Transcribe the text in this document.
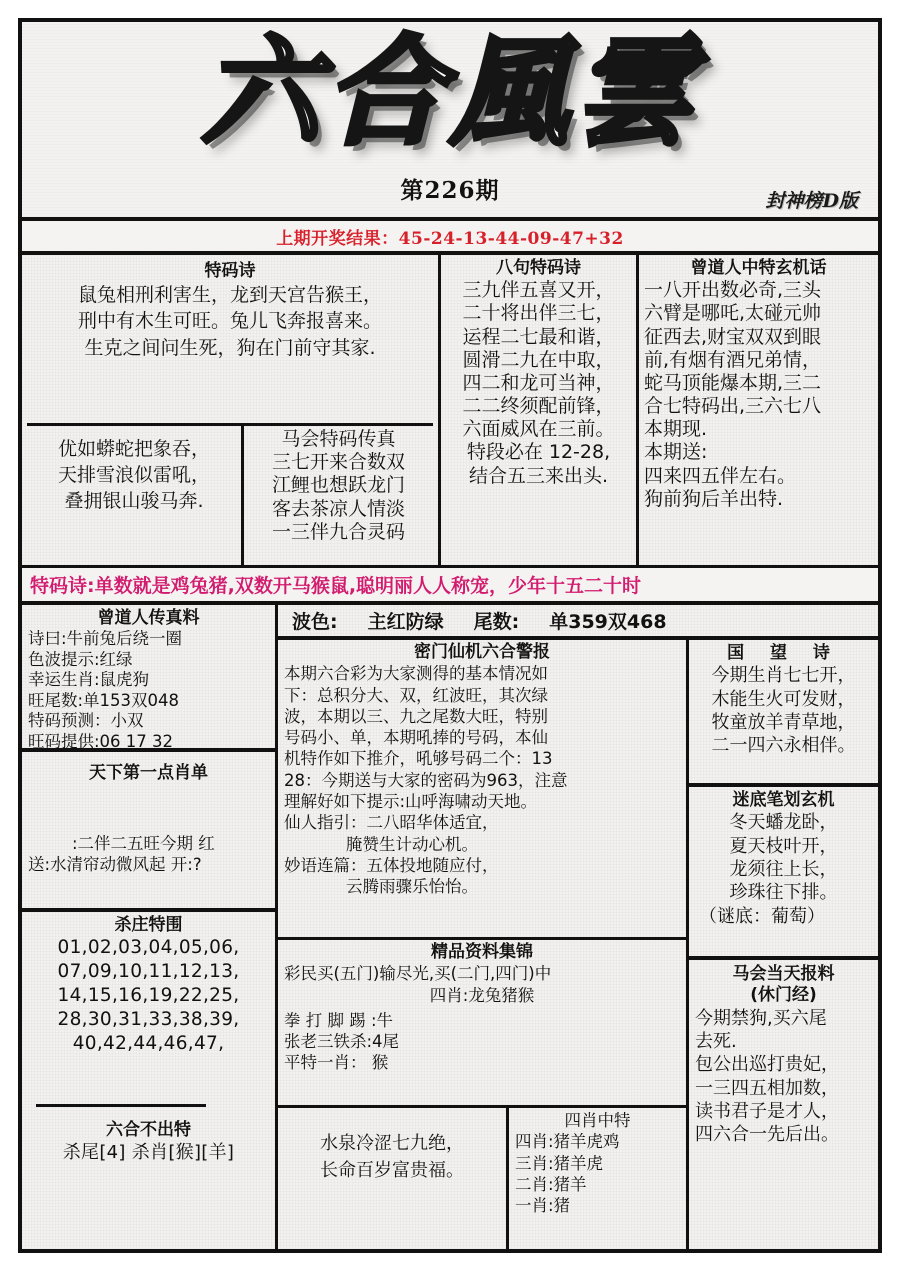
六合風雲
第226期	封神榜D版
上期开奖结果：45-24-13-44-09-47+32
特码诗
鼠兔相刑利害生，龙到天宫告猴王，
刑中有木生可旺。兔儿飞奔报喜来。
生克之间问生死，狗在门前守其家.
优如蟒蛇把象吞，
天排雪浪似雷吼，
叠拥银山骏马奔.
马会特码传真
三七开来合数双
江鲤也想跃龙门
客去茶凉人情淡
一三伴九合灵码
八句特码诗
三九伴五喜又开，
二十将出伴三七，
运程二七最和谐，
圆滑二九在中取，
四二和龙可当神，
二二终须配前锋，
六面威风在三前。
特段必在 12-28,
结合五三来出头.
曾道人中特玄机话
一八开出数必奇,三头
六臂是哪吒,太碰元帅
征西去,财宝双双到眼
前,有烟有酒兄弟情，
蛇马顶能爆本期,三二
合七特码出,三六七八
本期现.
本期送:
四来四五伴左右。
狗前狗后羊出特.
特码诗:单数就是鸡兔猪,双数开马猴鼠,聪明丽人人称宠，少年十五二十时
曾道人传真料
诗曰:牛前兔后绕一圈
色波提示:红绿
幸运生肖:鼠虎狗
旺尾数:单153双048
特码预测：小双
旺码提供:06 17 32
天下第一点肖单
:二伴二五旺今期 红
送:水清帘动微风起 开:?
杀庄特围
01,02,03,04,05,06,
07,09,10,11,12,13,
14,15,16,19,22,25,
28,30,31,33,38,39,
40,42,44,46,47,
六合不出特
杀尾[4] 杀肖[猴][羊]
波色: 主红防绿 尾数: 单359双468
密门仙机六合警报
本期六合彩为大家测得的基本情况如
下：总积分大、双，红波旺，其次绿
波，本期以三、九之尾数大旺，特别
号码小、单，本期吼捧的号码，本仙
机特作如下推介，吼够号码二个：13
28：今期送与大家的密码为963，注意
理解好如下提示:山呼海啸动天地。
仙人指引： 二八昭华体适宜，
腌赞生计动心机。
妙语连篇： 五体投地随应付，
云腾雨骤乐怡怡。
精品资料集锦
彩民买(五门)输尽光,买(二门,四门)中
四肖:龙兔猪猴
拳 打 脚 踢 :牛
张老三铁杀:4尾
平特一肖： 猴
水泉冷涩七九绝，
长命百岁富贵福。
四肖中特
四肖:猪羊虎鸡
三肖:猪羊虎
二肖:猪羊
一肖:猪
国 望 诗
今期生肖七七开，
木能生火可发财，
牧童放羊青草地，
二一四六永相伴。
迷底笔划玄机
冬天蟠龙卧，
夏天枝叶开，
龙须往上长，
珍珠往下排。
（谜底：葡萄）
马会当天报料
(休门经)
今期禁狗,买六尾
去死.
包公出巡打贵妃，
一三四五相加数，
读书君子是才人，
四六合一先后出。
